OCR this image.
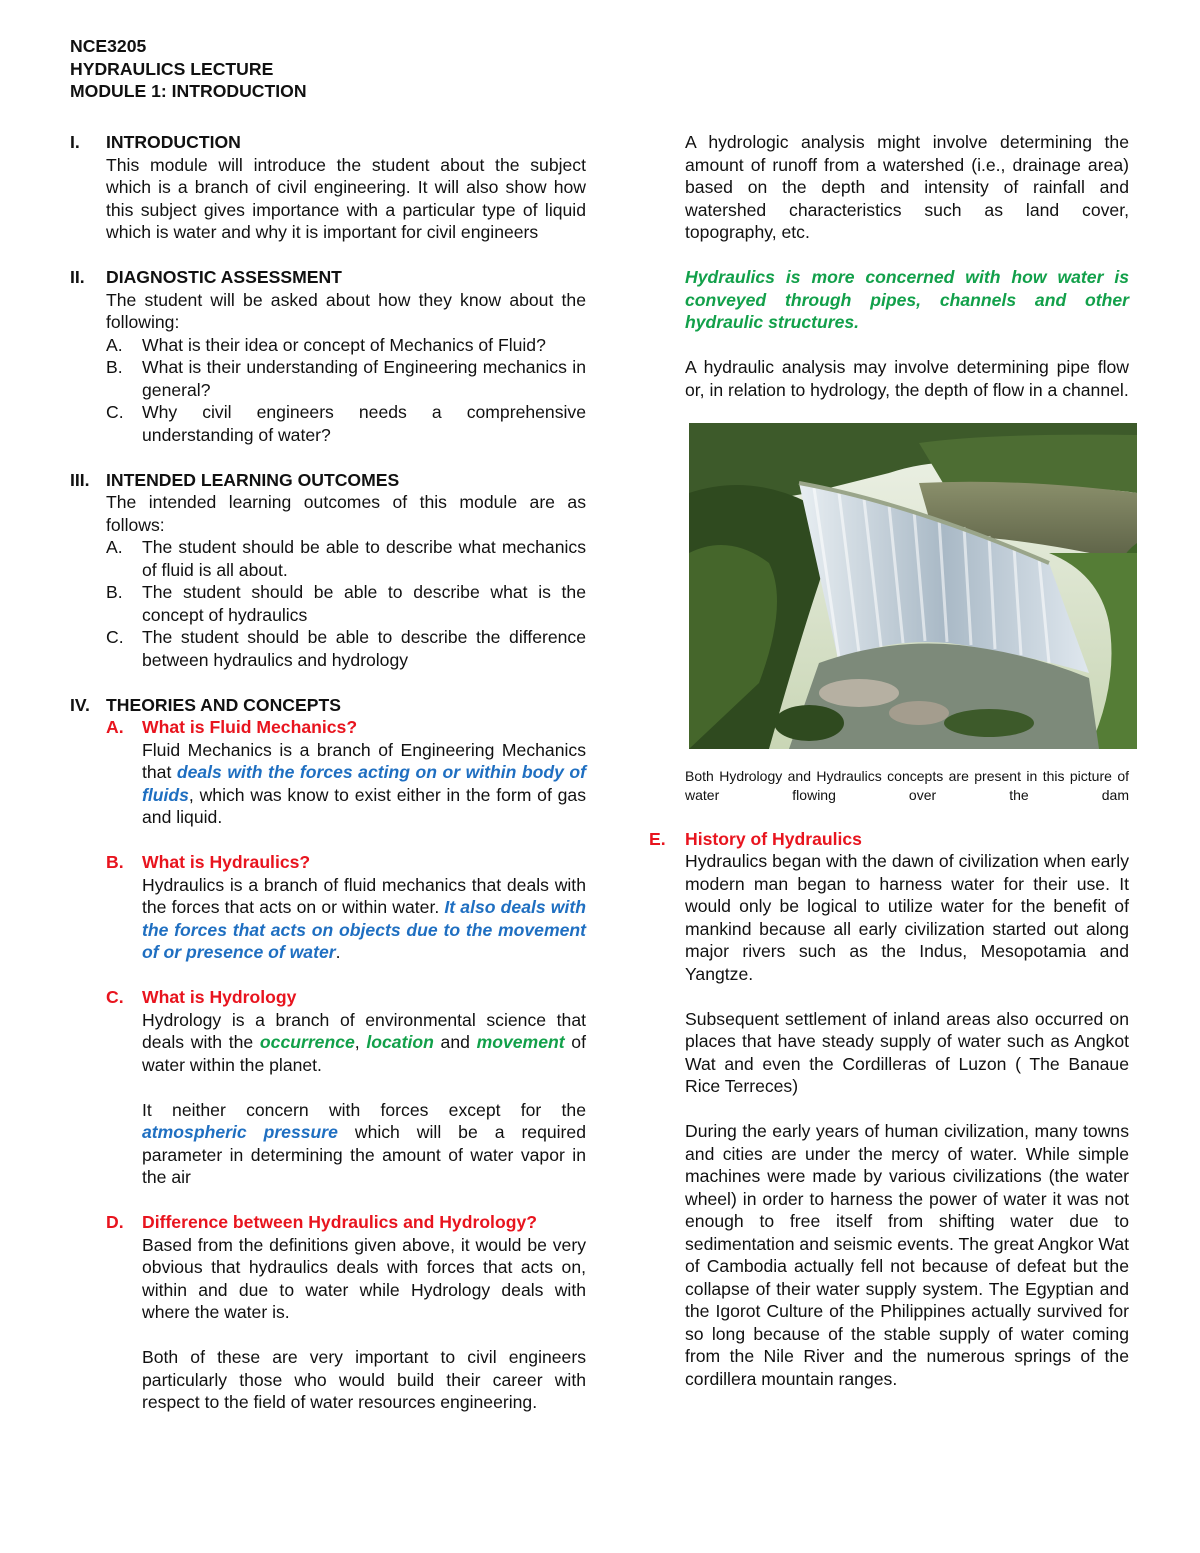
NCE3205
HYDRAULICS LECTURE
MODULE 1: INTRODUCTION
I. INTRODUCTION
This module will introduce the student about the subject which is a branch of civil engineering. It will also show how this subject gives importance with a particular type of liquid which is water and why it is important for civil engineers
II. DIAGNOSTIC ASSESSMENT
The student will be asked about how they know about the following:
A. What is their idea or concept of Mechanics of Fluid?
B. What is their understanding of Engineering mechanics in general?
C. Why civil engineers needs a comprehensive understanding of water?
III. INTENDED LEARNING OUTCOMES
The intended learning outcomes of this module are as follows:
A. The student should be able to describe what mechanics of fluid is all about.
B. The student should be able to describe what is the concept of hydraulics
C. The student should be able to describe the difference between hydraulics and hydrology
IV. THEORIES AND CONCEPTS
A. What is Fluid Mechanics?
Fluid Mechanics is a branch of Engineering Mechanics that deals with the forces acting on or within body of fluids, which was know to exist either in the form of gas and liquid.
B. What is Hydraulics?
Hydraulics is a branch of fluid mechanics that deals with the forces that acts on or within water. It also deals with the forces that acts on objects due to the movement of or presence of water.
C. What is Hydrology
Hydrology is a branch of environmental science that deals with the occurrence, location and movement of water within the planet.
It neither concern with forces except for the atmospheric pressure which will be a required parameter in determining the amount of water vapor in the air
D. Difference between Hydraulics and Hydrology?
Based from the definitions given above, it would be very obvious that hydraulics deals with forces that acts on, within and due to water while Hydrology deals with where the water is.
Both of these are very important to civil engineers particularly those who would build their career with respect to the field of water resources engineering.
A hydrologic analysis might involve determining the amount of runoff from a watershed (i.e., drainage area) based on the depth and intensity of rainfall and watershed characteristics such as land cover, topography, etc.
Hydraulics is more concerned with how water is conveyed through pipes, channels and other hydraulic structures.
A hydraulic analysis may involve determining pipe flow or, in relation to hydrology, the depth of flow in a channel.
Both Hydrology and Hydraulics concepts are present in this picture of water flowing over the dam
E. History of Hydraulics
Hydraulics began with the dawn of civilization when early modern man began to harness water for their use. It would only be logical to utilize water for the benefit of mankind because all early civilization started out along major rivers such as the Indus, Mesopotamia and Yangtze.
Subsequent settlement of inland areas also occurred on places that have steady supply of water such as Angkot Wat and even the Cordilleras of Luzon ( The Banaue Rice Terreces)
During the early years of human civilization, many towns and cities are under the mercy of water. While simple machines were made by various civilizations (the water wheel) in order to harness the power of water it was not enough to free itself from shifting water due to sedimentation and seismic events. The great Angkor Wat of Cambodia actually fell not because of defeat but the collapse of their water supply system. The Egyptian and the Igorot Culture of the Philippines actually survived for so long because of the stable supply of water coming from the Nile River and the numerous springs of the cordillera mountain ranges.
